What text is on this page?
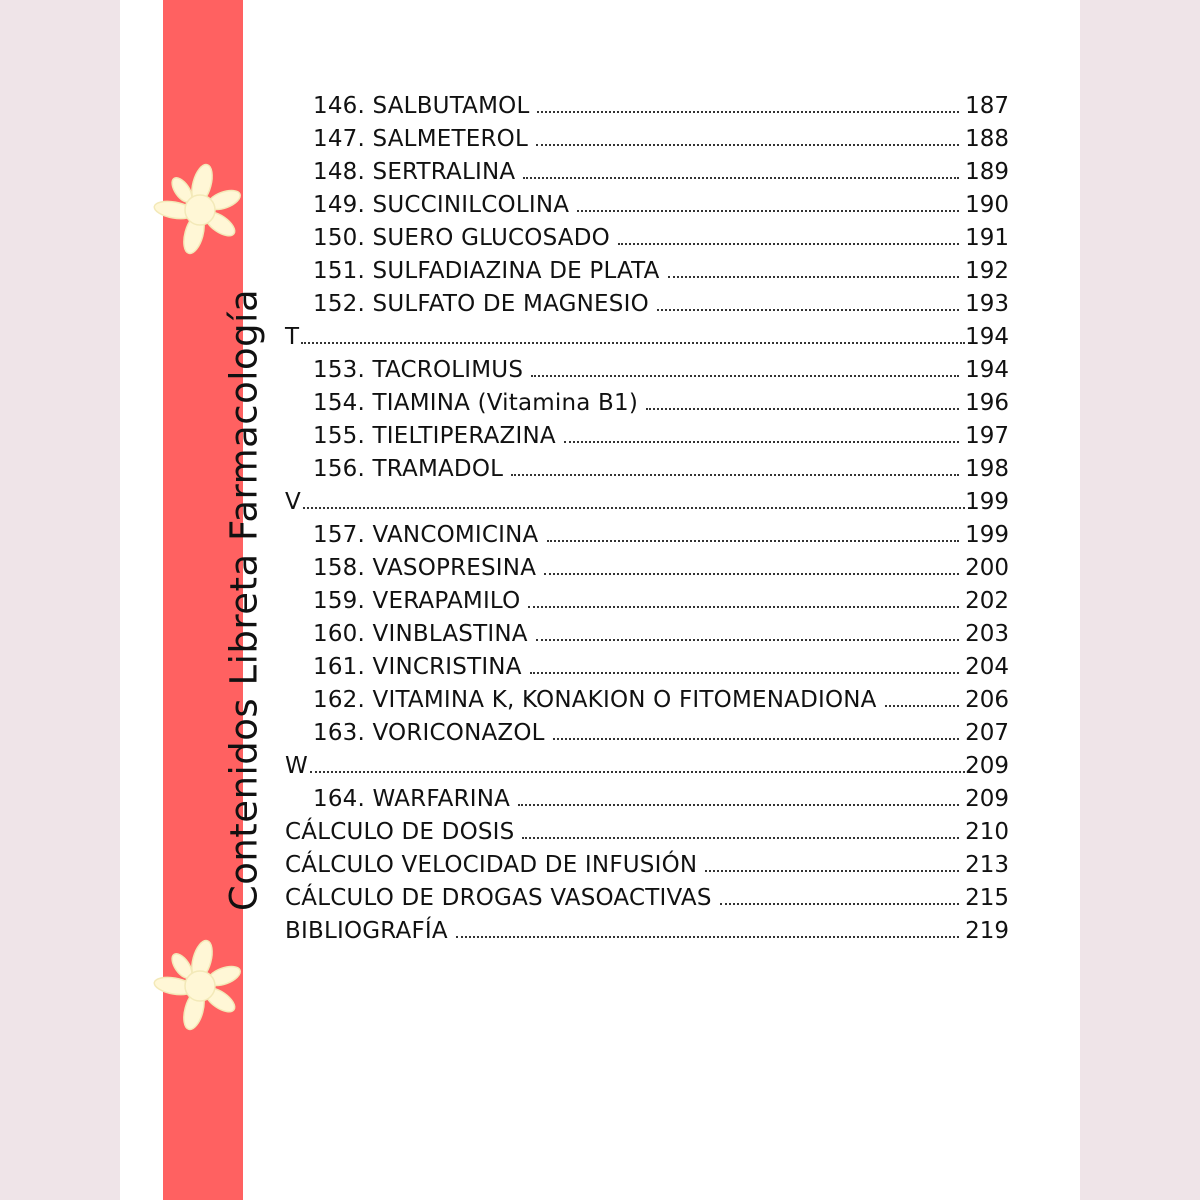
Contenidos Libreta Farmacología
146. SALBUTAMOL	187
147. SALMETEROL	188
148. SERTRALINA	189
149. SUCCINILCOLINA	190
150. SUERO GLUCOSADO	191
151. SULFADIAZINA DE PLATA	192
152. SULFATO DE MAGNESIO	193
T	194
153. TACROLIMUS	194
154. TIAMINA (Vitamina B1)	196
155. TIELTIPERAZINA	197
156. TRAMADOL	198
V	199
157. VANCOMICINA	199
158. VASOPRESINA	200
159. VERAPAMILO	202
160. VINBLASTINA	203
161. VINCRISTINA	204
162. VITAMINA K, KONAKION O FITOMENADIONA	206
163. VORICONAZOL	207
W	209
164. WARFARINA	209
CÁLCULO DE DOSIS	210
CÁLCULO VELOCIDAD DE INFUSIÓN	213
CÁLCULO DE DROGAS VASOACTIVAS	215
BIBLIOGRAFÍA	219
